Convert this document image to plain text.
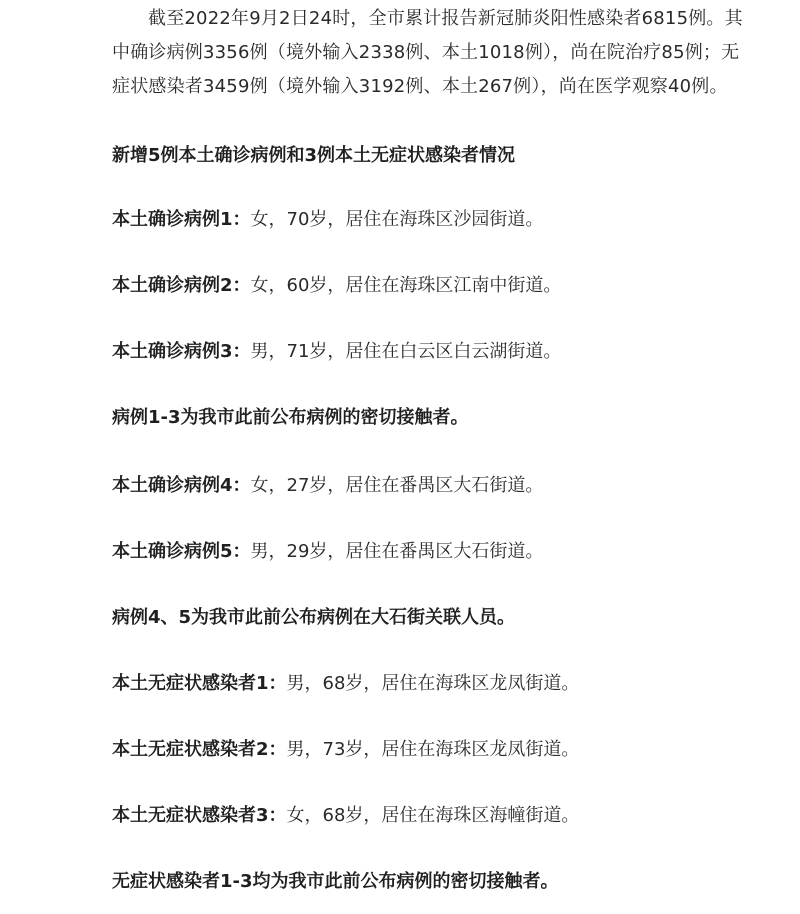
截至2022年9月2日24时，全市累计报告新冠肺炎阳性感染者6815例。其
中确诊病例3356例（境外输入2338例、本土1018例），尚在院治疗85例；无
症状感染者3459例（境外输入3192例、本土267例），尚在医学观察40例。

新增5例本土确诊病例和3例本土无症状感染者情况

本土确诊病例1：女，70岁，居住在海珠区沙园街道。

本土确诊病例2：女，60岁，居住在海珠区江南中街道。

本土确诊病例3：男，71岁，居住在白云区白云湖街道。

病例1-3为我市此前公布病例的密切接触者。

本土确诊病例4：女，27岁，居住在番禺区大石街道。

本土确诊病例5：男，29岁，居住在番禺区大石街道。

病例4、5为我市此前公布病例在大石街关联人员。

本土无症状感染者1：男，68岁，居住在海珠区龙凤街道。

本土无症状感染者2：男，73岁，居住在海珠区龙凤街道。

本土无症状感染者3：女，68岁，居住在海珠区海幢街道。

无症状感染者1-3均为我市此前公布病例的密切接触者。
